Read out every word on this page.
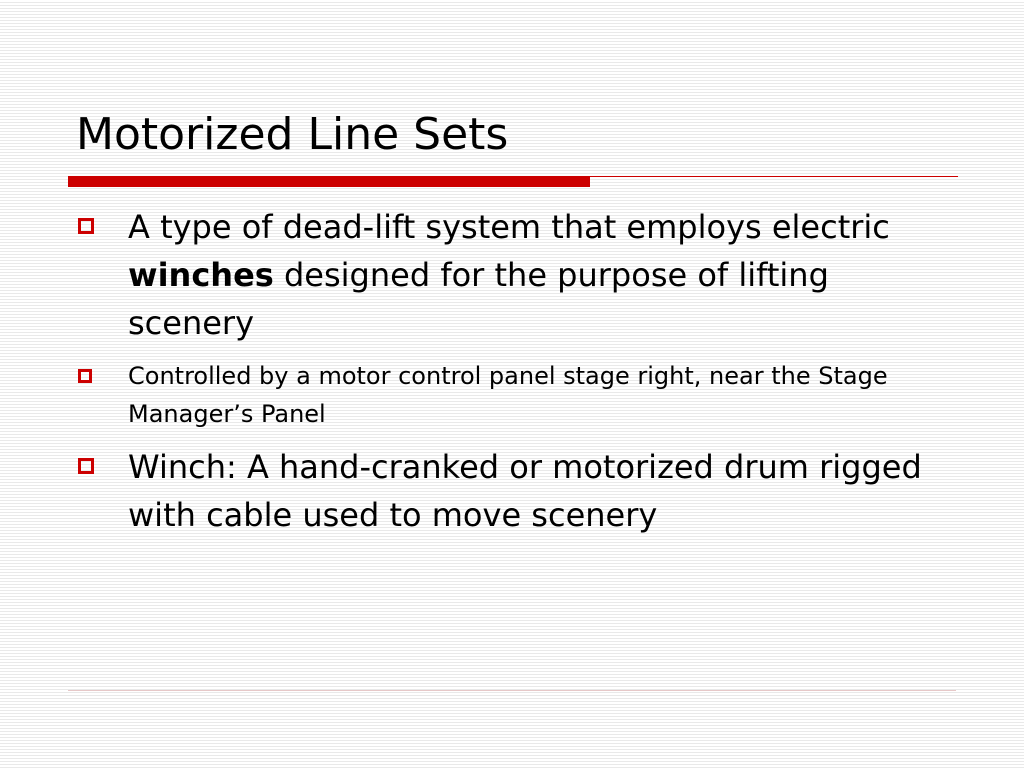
Motorized Line Sets
A type of dead-lift system that employs electric winches designed for the purpose of lifting scenery
Controlled by a motor control panel stage right, near the Stage Manager’s Panel
Winch: A hand-cranked or motorized drum rigged with cable used to move scenery
